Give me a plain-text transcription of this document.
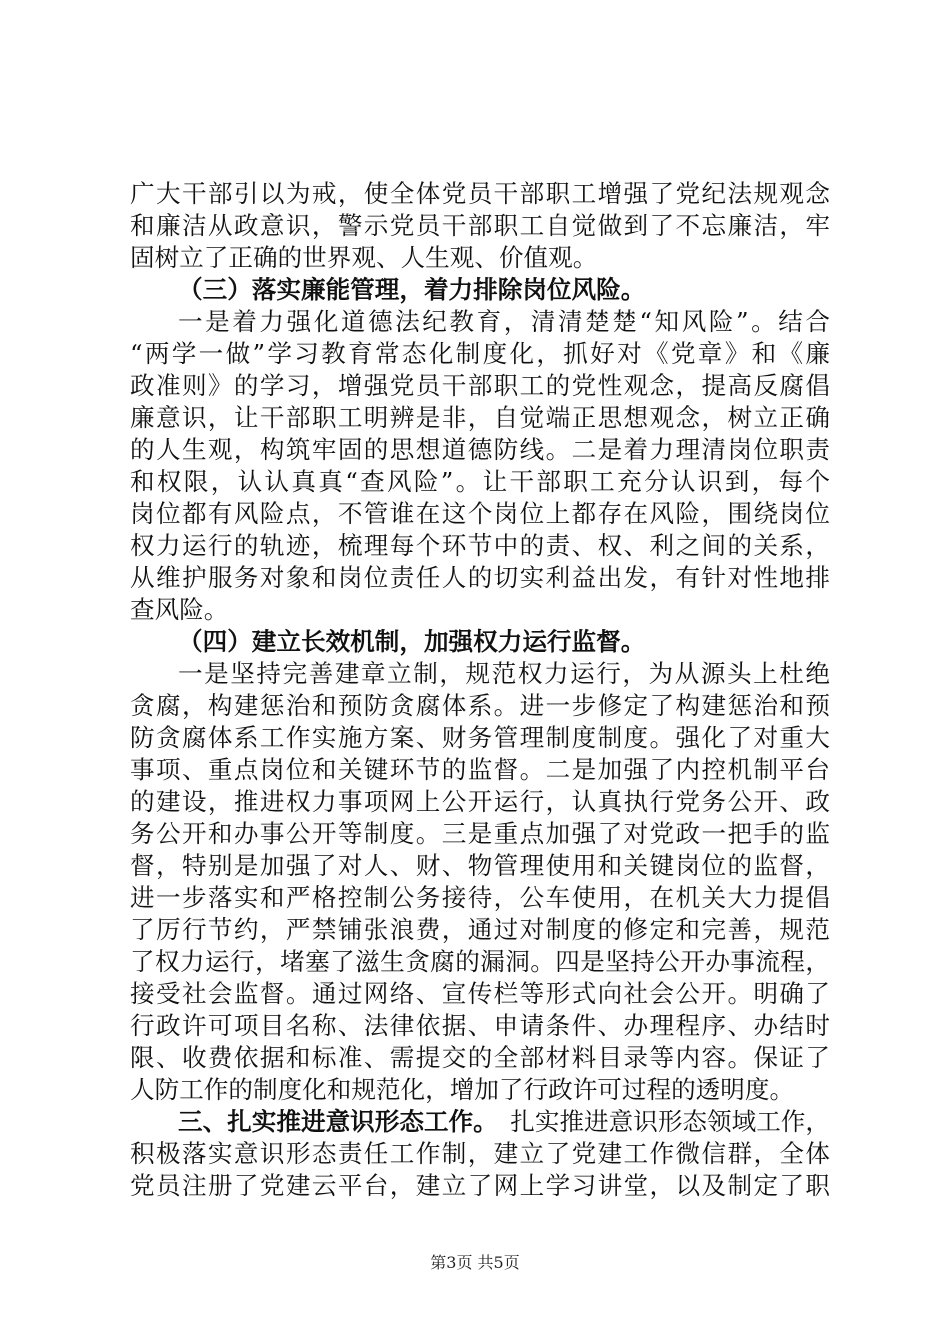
广大干部引以为戒，使全体党员干部职工增强了党纪法规观念
和廉洁从政意识，警示党员干部职工自觉做到了不忘廉洁，牢
固树立了正确的世界观、人生观、价值观。
（三）落实廉能管理，着力排除岗位风险。
一是着力强化道德法纪教育，清清楚楚“知风险”。结合
“两学一做”学习教育常态化制度化，抓好对《党章》和《廉
政准则》的学习，增强党员干部职工的党性观念，提高反腐倡
廉意识，让干部职工明辨是非，自觉端正思想观念，树立正确
的人生观，构筑牢固的思想道德防线。二是着力理清岗位职责
和权限，认认真真“查风险”。让干部职工充分认识到，每个
岗位都有风险点，不管谁在这个岗位上都存在风险，围绕岗位
权力运行的轨迹，梳理每个环节中的责、权、利之间的关系，
从维护服务对象和岗位责任人的切实利益出发，有针对性地排
查风险。
（四）建立长效机制，加强权力运行监督。
一是坚持完善建章立制，规范权力运行，为从源头上杜绝
贪腐，构建惩治和预防贪腐体系。进一步修定了构建惩治和预
防贪腐体系工作实施方案、财务管理制度制度。强化了对重大
事项、重点岗位和关键环节的监督。二是加强了内控机制平台
的建设，推进权力事项网上公开运行，认真执行党务公开、政
务公开和办事公开等制度。三是重点加强了对党政一把手的监
督，特别是加强了对人、财、物管理使用和关键岗位的监督，
进一步落实和严格控制公务接待，公车使用，在机关大力提倡
了厉行节约，严禁铺张浪费，通过对制度的修定和完善，规范
了权力运行，堵塞了滋生贪腐的漏洞。四是坚持公开办事流程，
接受社会监督。通过网络、宣传栏等形式向社会公开。明确了
行政许可项目名称、法律依据、申请条件、办理程序、办结时
限、收费依据和标准、需提交的全部材料目录等内容。保证了
人防工作的制度化和规范化，增加了行政许可过程的透明度。
三、扎实推进意识形态工作。 扎实推进意识形态领域工作，
积极落实意识形态责任工作制，建立了党建工作微信群，全体
党员注册了党建云平台，建立了网上学习讲堂，以及制定了职
第3页 共5页
